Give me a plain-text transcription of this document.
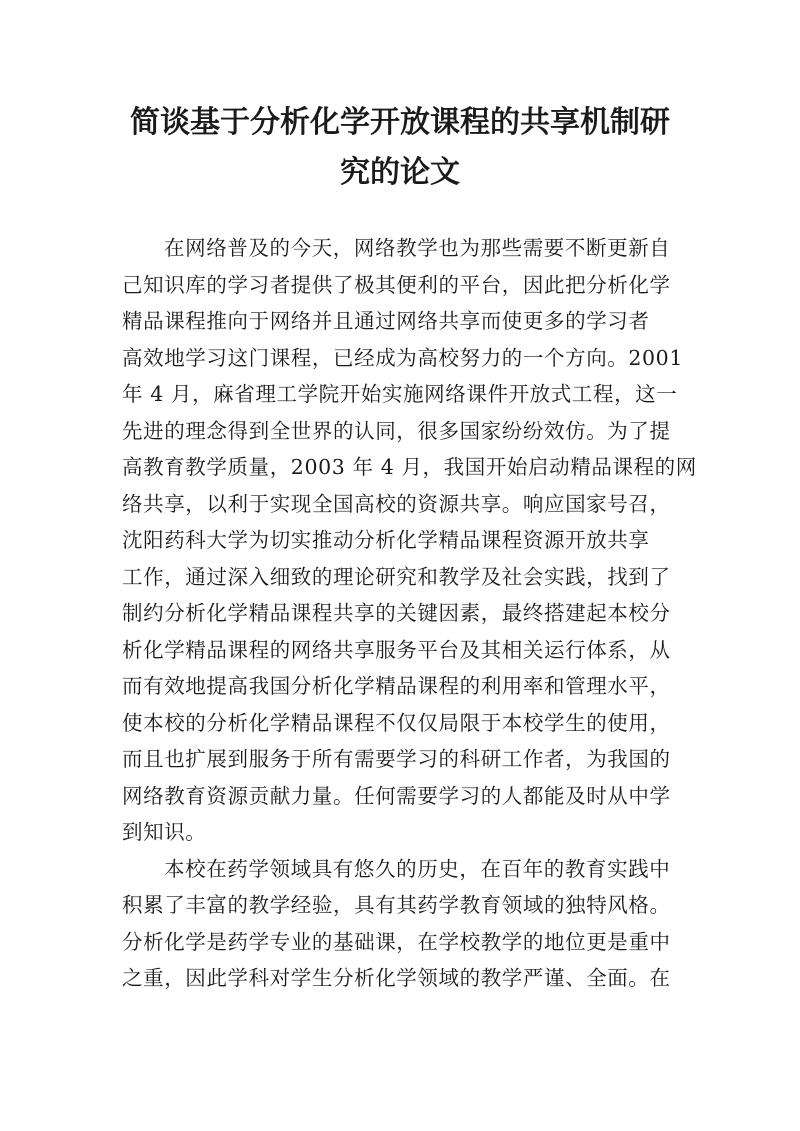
简谈基于分析化学开放课程的共享机制研
究的论文
在网络普及的今天，网络教学也为那些需要不断更新自
己知识库的学习者提供了极其便利的平台，因此把分析化学
精品课程推向于网络并且通过网络共享而使更多的学习者
高效地学习这门课程，已经成为高校努力的一个方向。2001
年 4 月，麻省理工学院开始实施网络课件开放式工程，这一
先进的理念得到全世界的认同，很多国家纷纷效仿。为了提
高教育教学质量，2003 年 4 月，我国开始启动精品课程的网
络共享，以利于实现全国高校的资源共享。响应国家号召，
沈阳药科大学为切实推动分析化学精品课程资源开放共享
工作，通过深入细致的理论研究和教学及社会实践，找到了
制约分析化学精品课程共享的关键因素，最终搭建起本校分
析化学精品课程的网络共享服务平台及其相关运行体系，从
而有效地提高我国分析化学精品课程的利用率和管理水平，
使本校的分析化学精品课程不仅仅局限于本校学生的使用，
而且也扩展到服务于所有需要学习的科研工作者，为我国的
网络教育资源贡献力量。任何需要学习的人都能及时从中学
到知识。
本校在药学领域具有悠久的历史，在百年的教育实践中
积累了丰富的教学经验，具有其药学教育领域的独特风格。
分析化学是药学专业的基础课，在学校教学的地位更是重中
之重，因此学科对学生分析化学领域的教学严谨、全面。在
